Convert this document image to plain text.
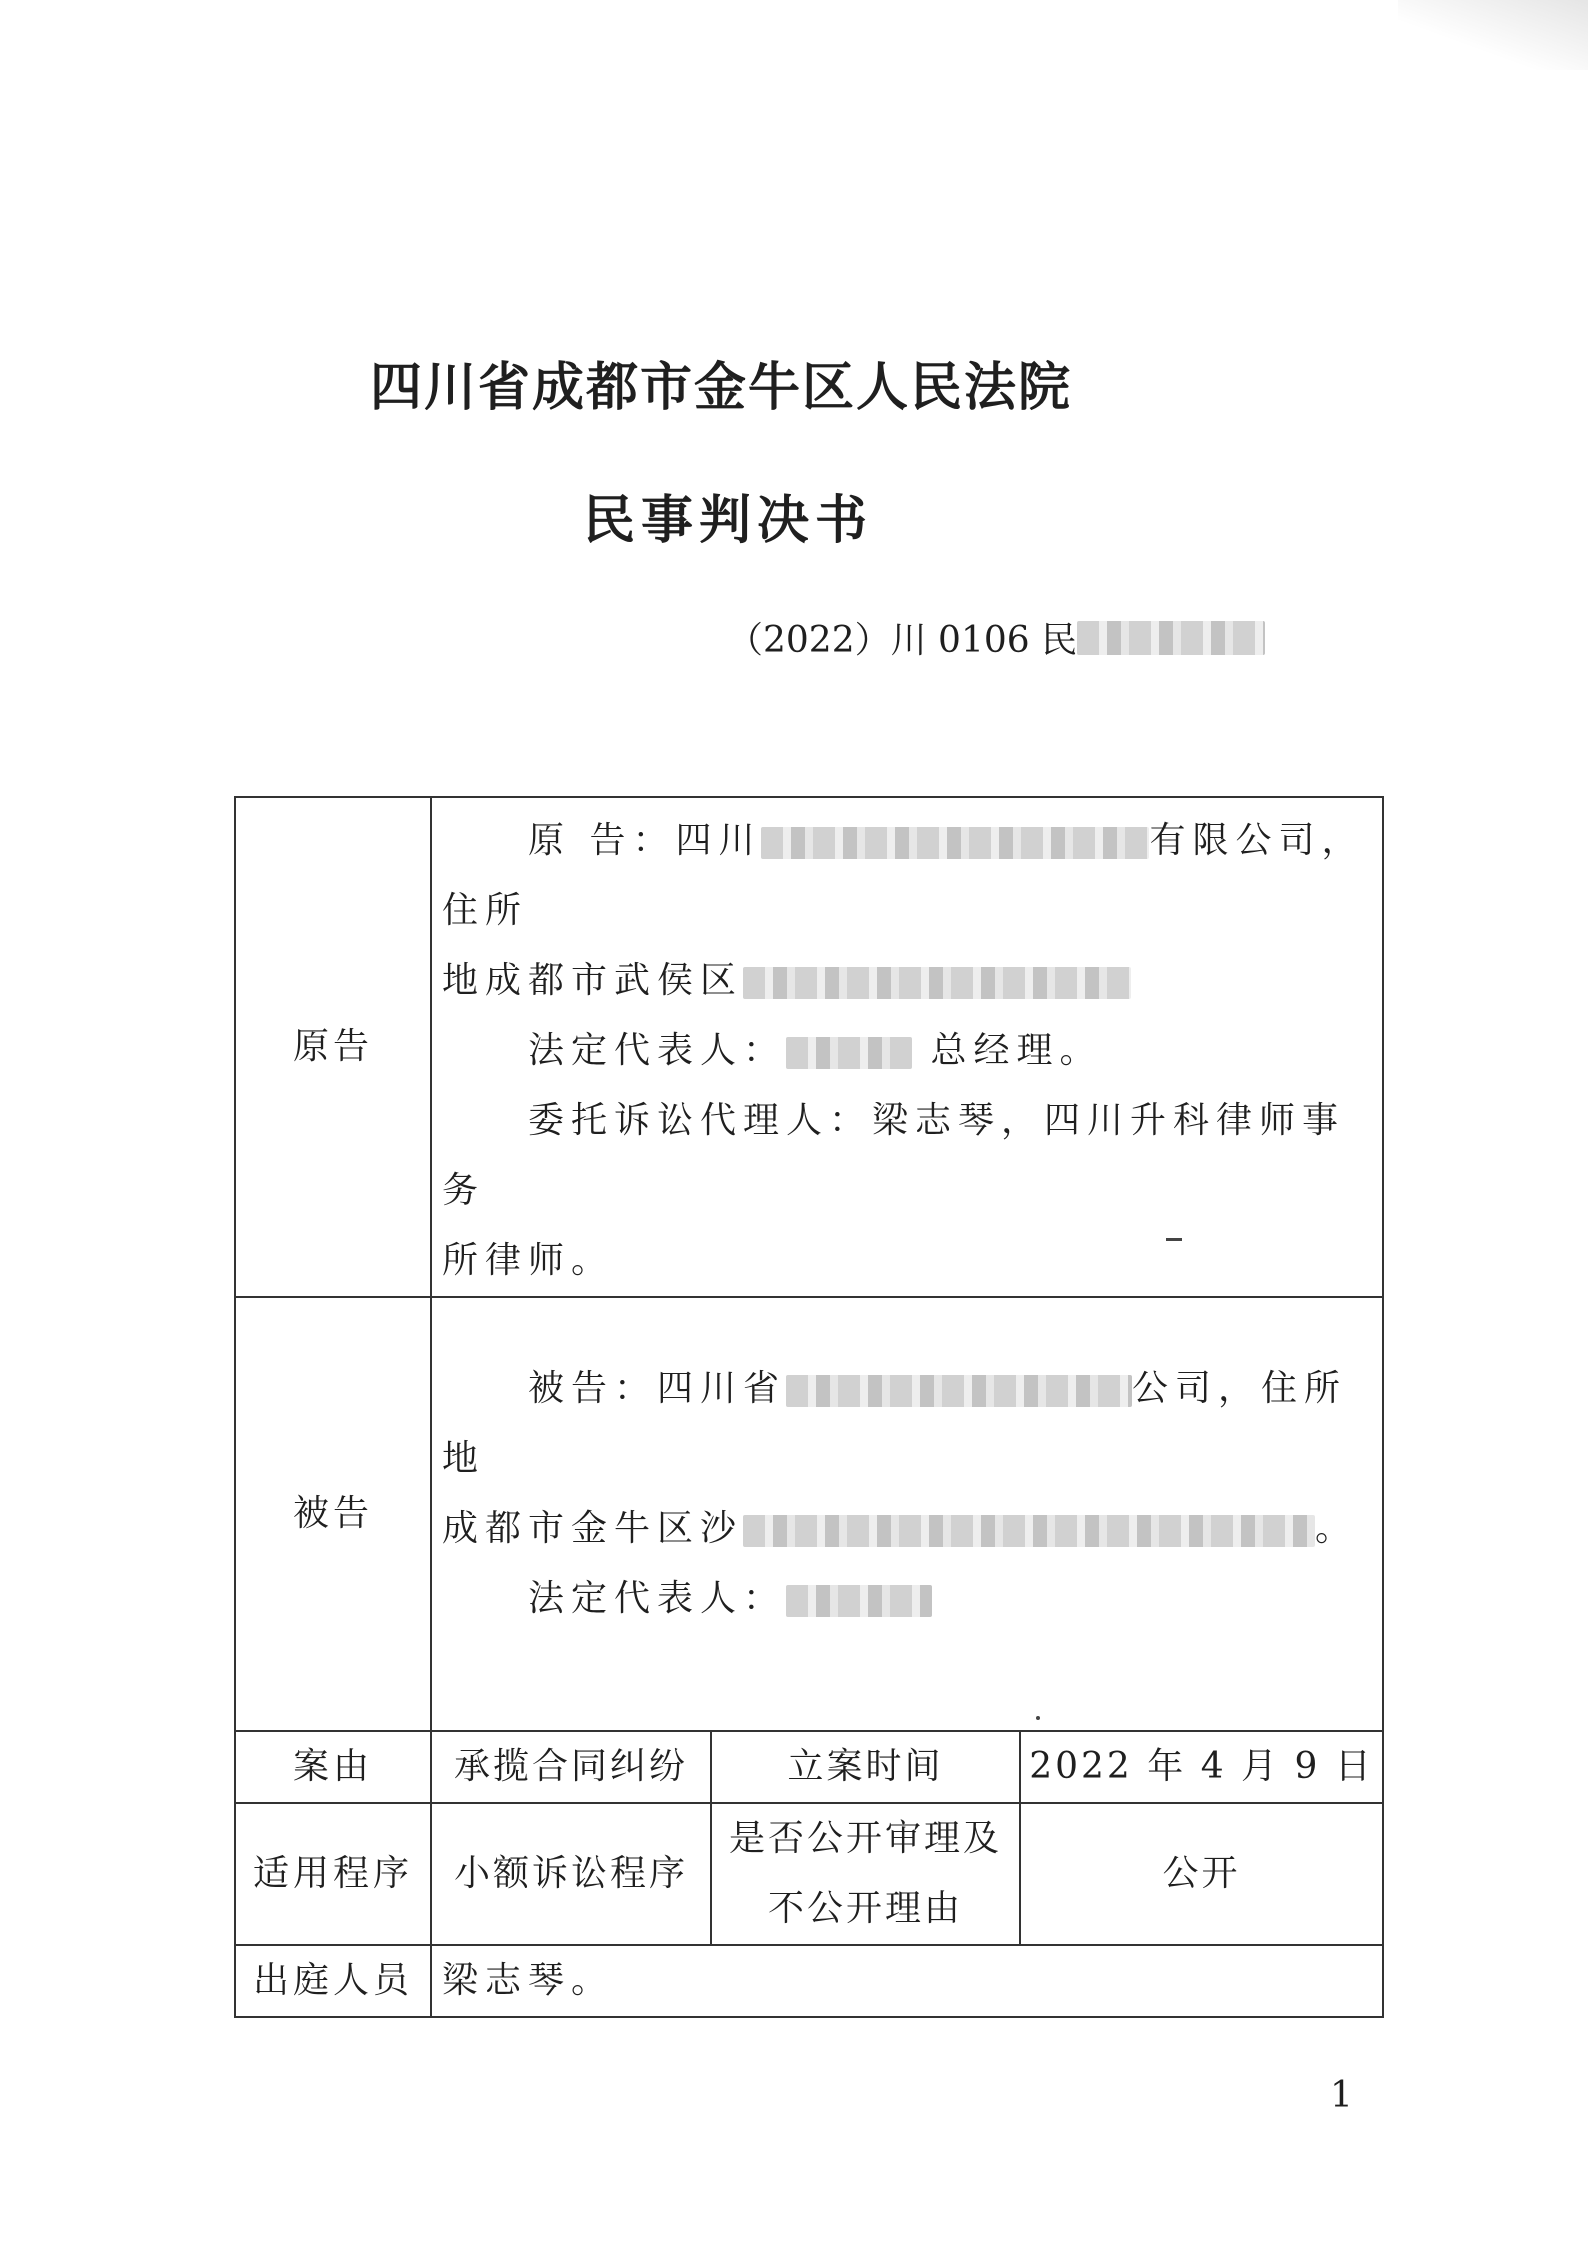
四川省成都市金牛区人民法院
民事判决书
（2022）川 0106 民
原告	原 告：四川 有限公司，住所

地成都市武侯区

法定代表人： 总经理。

委托诉讼代理人：梁志琴，四川升科律师事务

所律师。		

被告	被告：四川省 公司，住所地

成都市金牛区沙 。

法定代表人：		

案由	承揽合同纠纷	立案时间	2022 年 4 月 9 日
适用程序	小额诉讼程序	是否公开审理及
不公开理由	公开
出庭人员	梁志琴。		
1
